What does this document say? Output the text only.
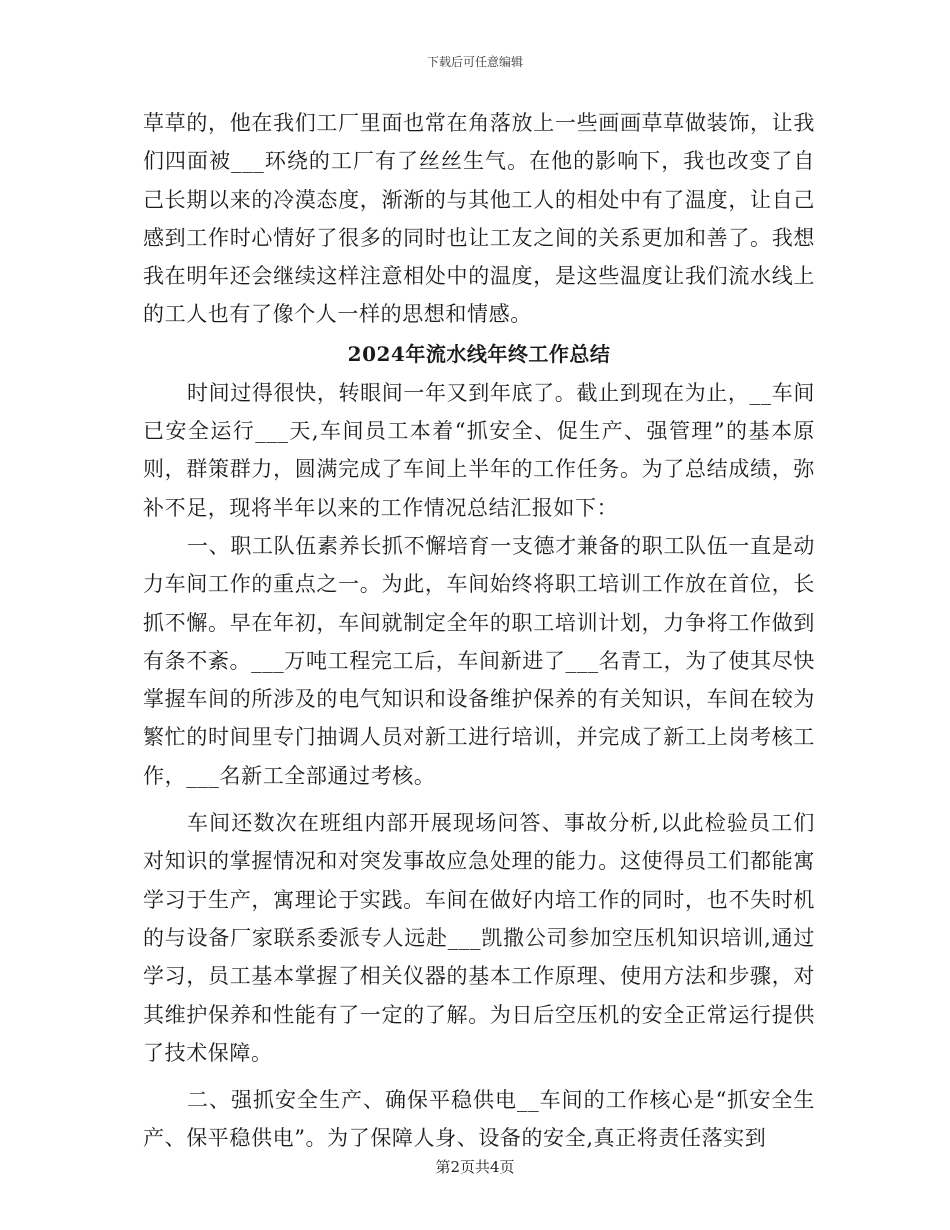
下载后可任意编辑

草草的，他在我们工厂里面也常在角落放上一些画画草草做装饰，让我们四面被___环绕的工厂有了丝丝生气。在他的影响下，我也改变了自己长期以来的冷漠态度，渐渐的与其他工人的相处中有了温度，让自己感到工作时心情好了很多的同时也让工友之间的关系更加和善了。我想我在明年还会继续这样注意相处中的温度，是这些温度让我们流水线上的工人也有了像个人一样的思想和情感。

2024年流水线年终工作总结

时间过得很快，转眼间一年又到年底了。截止到现在为止，__车间已安全运行___天,车间员工本着“抓安全、促生产、强管理”的基本原则，群策群力，圆满完成了车间上半年的工作任务。为了总结成绩，弥补不足，现将半年以来的工作情况总结汇报如下：

一、职工队伍素养长抓不懈培育一支德才兼备的职工队伍一直是动力车间工作的重点之一。为此，车间始终将职工培训工作放在首位，长抓不懈。早在年初，车间就制定全年的职工培训计划，力争将工作做到有条不紊。___万吨工程完工后，车间新进了___名青工，为了使其尽快掌握车间的所涉及的电气知识和设备维护保养的有关知识，车间在较为繁忙的时间里专门抽调人员对新工进行培训，并完成了新工上岗考核工作，___名新工全部通过考核。

车间还数次在班组内部开展现场问答、事故分析,以此检验员工们对知识的掌握情况和对突发事故应急处理的能力。这使得员工们都能寓学习于生产，寓理论于实践。车间在做好内培工作的同时，也不失时机的与设备厂家联系委派专人远赴___凯撒公司参加空压机知识培训,通过学习，员工基本掌握了相关仪器的基本工作原理、使用方法和步骤，对其维护保养和性能有了一定的了解。为日后空压机的安全正常运行提供了技术保障。

二、强抓安全生产、确保平稳供电__车间的工作核心是“抓安全生产、保平稳供电”。为了保障人身、设备的安全,真正将责任落实到

第2页共4页
